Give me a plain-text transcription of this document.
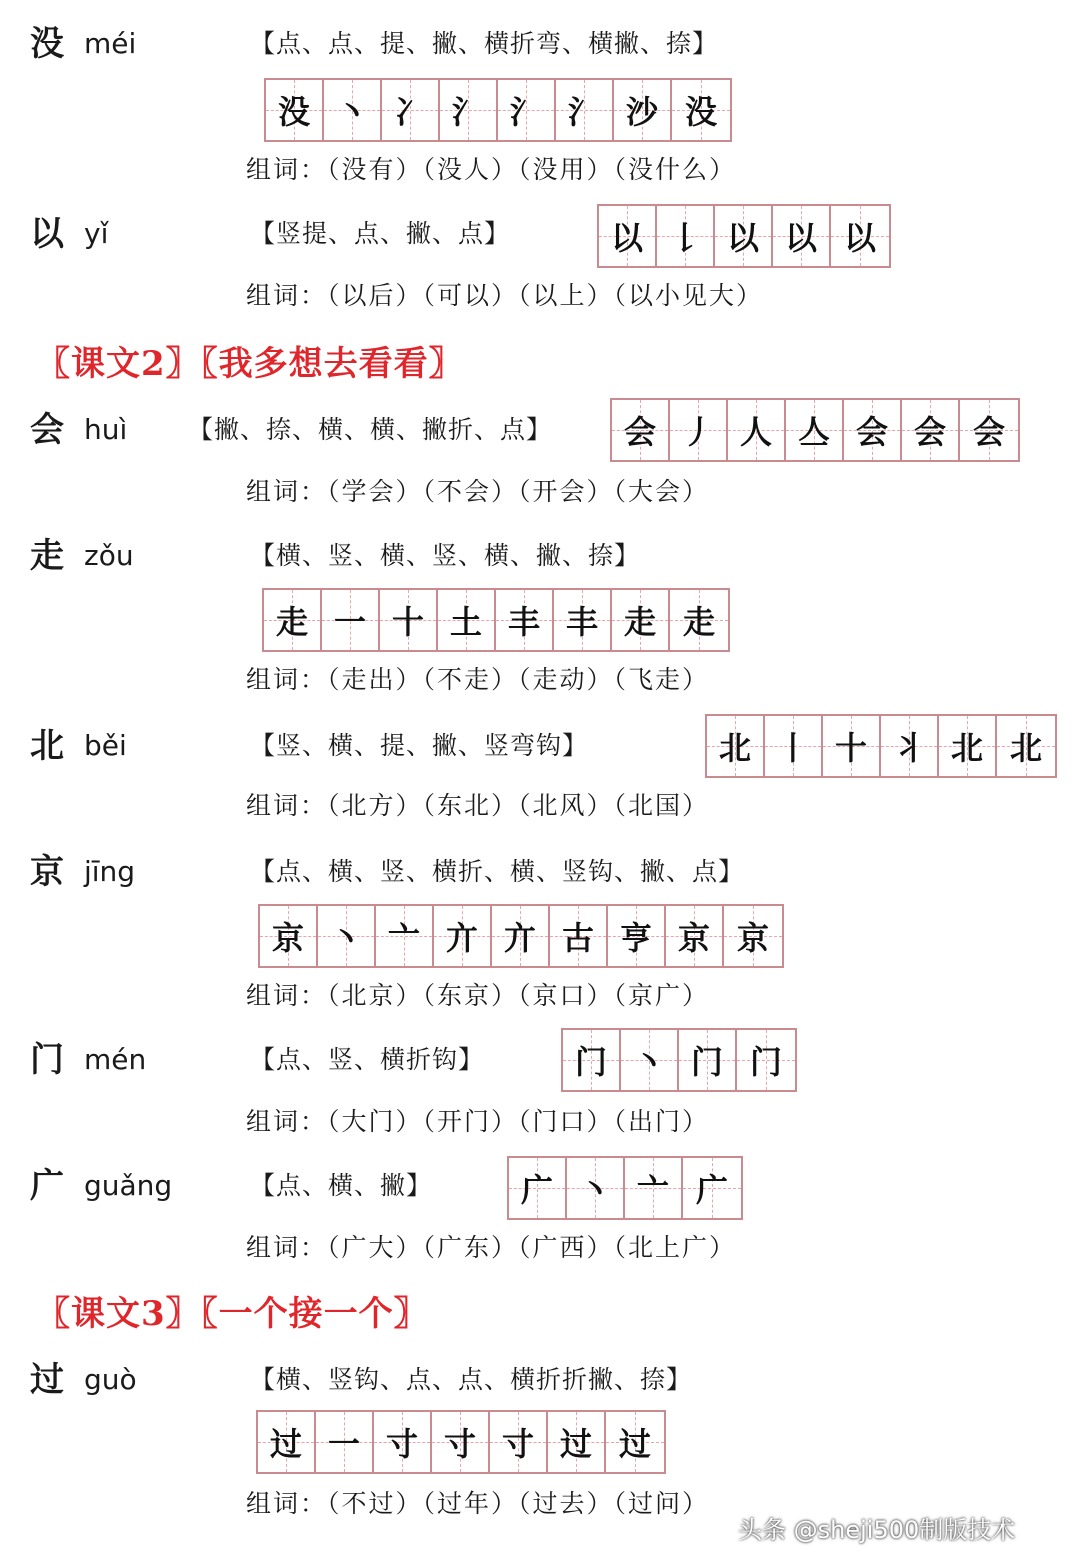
没 méi	【点、点、提、撇、横折弯、横撇、捺】
没 丶 冫 氵 氵 氵 沙 没
组词：（没有）（没人）（没用）（没什么）
以 yǐ	【竖提、点、撇、点】	以 𠄌 以 以 以
组词：（以后）（可以）（以上）（以小见大）
会 huì 【撇、捺、横、横、撇折、点】 会 丿 人 亼 会 会 会
组词：（学会）（不会）（开会）（大会）
走 zǒu	【横、竖、横、竖、横、撇、捺】
走 一 十 土 丰 丰 走 走
组词：（走出）（不走）（走动）（飞走）
北 běi	【竖、横、提、撇、竖弯钩】	北 丨 十 丬 北 北
组词：（北方）（东北）（北风）（北国）
京 jīng	【点、横、竖、横折、横、竖钩、撇、点】
京 丶 亠 亣 亣 古 亨 京 京
组词：（北京）（东京）（京口）（京广）
门 mén	【点、竖、横折钩】	门 丶 门 门
组词：（大门）（开门）（门口）（出门）
广 guǎng	【点、横、撇】	广 丶 亠 广
组词：（广大）（广东）（广西）（北上广）
过 guò	【横、竖钩、点、点、横折折撇、捺】
过 一 寸 寸 寸 过 过
组词：（不过）（过年）（过去）（过问）
〖课文2〗〖我多想去看看〗
〖课文3〗〖一个接一个〗
头条 @sheji500制版技术
